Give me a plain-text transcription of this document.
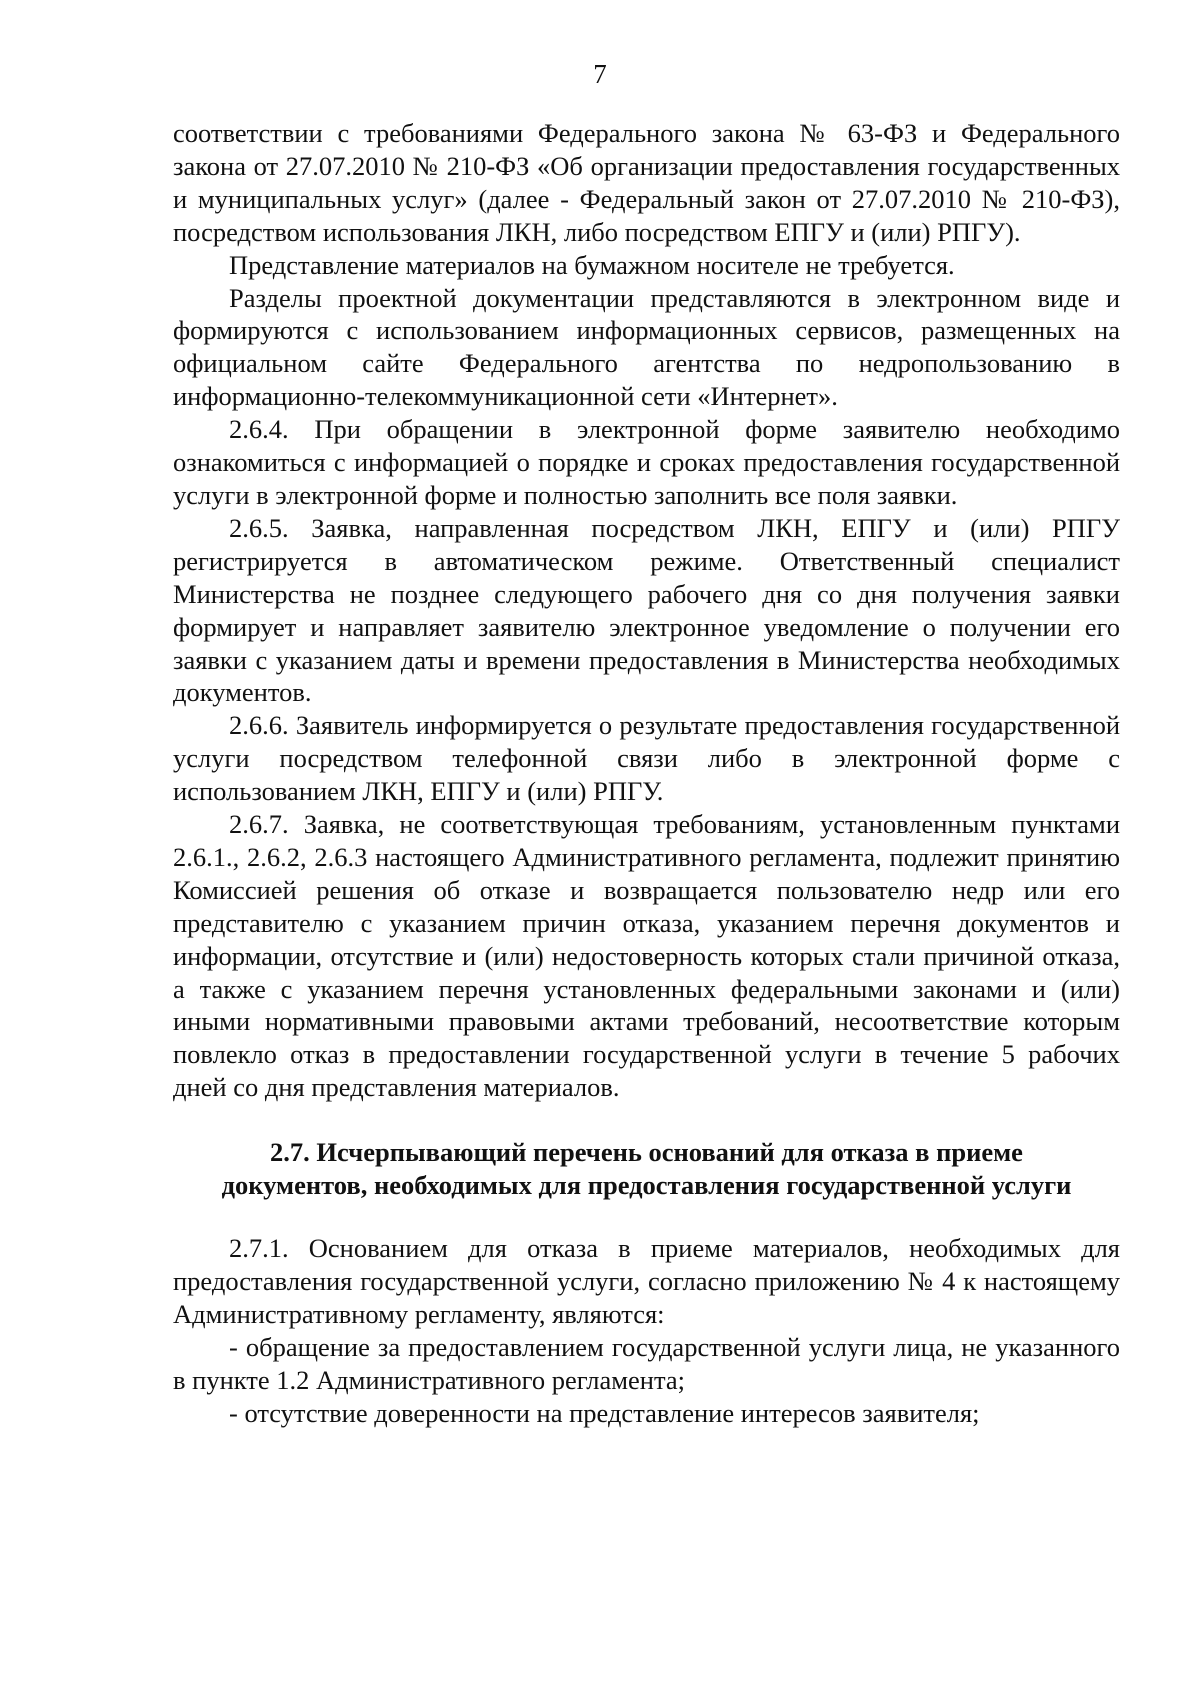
7

соответствии с требованиями Федерального закона № 63-ФЗ и Федерального закона от 27.07.2010 № 210-ФЗ «Об организации предоставления государственных и муниципальных услуг» (далее - Федеральный закон от 27.07.2010 № 210-ФЗ), посредством использования ЛКН, либо посредством ЕПГУ и (или) РПГУ).

Представление материалов на бумажном носителе не требуется.

Разделы проектной документации представляются в электронном виде и формируются с использованием информационных сервисов, размещенных на официальном сайте Федерального агентства по недропользованию в информационно-телекоммуникационной сети «Интернет».

2.6.4. При обращении в электронной форме заявителю необходимо ознакомиться с информацией о порядке и сроках предоставления государственной услуги в электронной форме и полностью заполнить все поля заявки.

2.6.5. Заявка, направленная посредством ЛКН, ЕПГУ и (или) РПГУ регистрируется в автоматическом режиме. Ответственный специалист Министерства не позднее следующего рабочего дня со дня получения заявки формирует и направляет заявителю электронное уведомление о получении его заявки с указанием даты и времени предоставления в Министерства необходимых документов.

2.6.6. Заявитель информируется о результате предоставления государственной услуги посредством телефонной связи либо в электронной форме с использованием ЛКН, ЕПГУ и (или) РПГУ.

2.6.7. Заявка, не соответствующая требованиям, установленным пунктами 2.6.1., 2.6.2, 2.6.3 настоящего Административного регламента, подлежит принятию Комиссией решения об отказе и возвращается пользователю недр или его представителю с указанием причин отказа, указанием перечня документов и информации, отсутствие и (или) недостоверность которых стали причиной отказа, а также с указанием перечня установленных федеральными законами и (или) иными нормативными правовыми актами требований, несоответствие которым повлекло отказ в предоставлении государственной услуги в течение 5 рабочих дней со дня представления материалов.

2.7. Исчерпывающий перечень оснований для отказа в приеме
документов, необходимых для предоставления государственной услуги

2.7.1. Основанием для отказа в приеме материалов, необходимых для предоставления государственной услуги, согласно приложению № 4 к настоящему Административному регламенту, являются:

- обращение за предоставлением государственной услуги лица, не указанного в пункте 1.2 Административного регламента;

- отсутствие доверенности на представление интересов заявителя;
